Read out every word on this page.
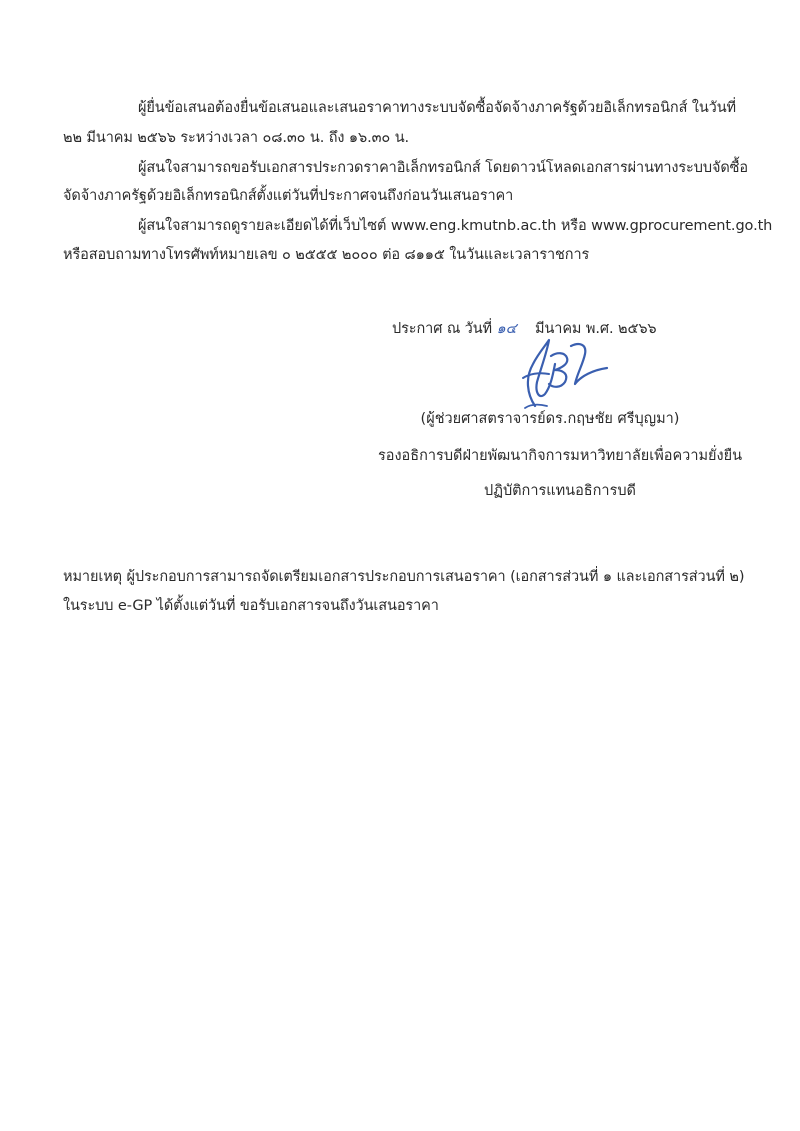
ผู้ยื่นข้อเสนอต้องยื่นข้อเสนอและเสนอราคาทางระบบจัดซื้อจัดจ้างภาครัฐด้วยอิเล็กทรอนิกส์ ในวันที่
๒๒ มีนาคม ๒๕๖๖ ระหว่างเวลา ๐๘.๓๐ น. ถึง ๑๖.๓๐ น.
ผู้สนใจสามารถขอรับเอกสารประกวดราคาอิเล็กทรอนิกส์ โดยดาวน์โหลดเอกสารผ่านทางระบบจัดซื้อ
จัดจ้างภาครัฐด้วยอิเล็กทรอนิกส์ตั้งแต่วันที่ประกาศจนถึงก่อนวันเสนอราคา
ผู้สนใจสามารถดูรายละเอียดได้ที่เว็บไซต์ www.eng.kmutnb.ac.th หรือ www.gprocurement.go.th
หรือสอบถามทางโทรศัพท์หมายเลข ๐ ๒๕๕๕ ๒๐๐๐ ต่อ ๘๑๑๕ ในวันและเวลาราชการ
ประกาศ ณ วันที่ ๑๔ มีนาคม พ.ศ. ๒๕๖๖
(ผู้ช่วยศาสตราจารย์ดร.กฤษชัย ศรีบุญมา)
รองอธิการบดีฝ่ายพัฒนากิจการมหาวิทยาลัยเพื่อความยั่งยืน
ปฏิบัติการแทนอธิการบดี
หมายเหตุ ผู้ประกอบการสามารถจัดเตรียมเอกสารประกอบการเสนอราคา (เอกสารส่วนที่ ๑ และเอกสารส่วนที่ ๒)
ในระบบ e-GP ได้ตั้งแต่วันที่ ขอรับเอกสารจนถึงวันเสนอราคา
